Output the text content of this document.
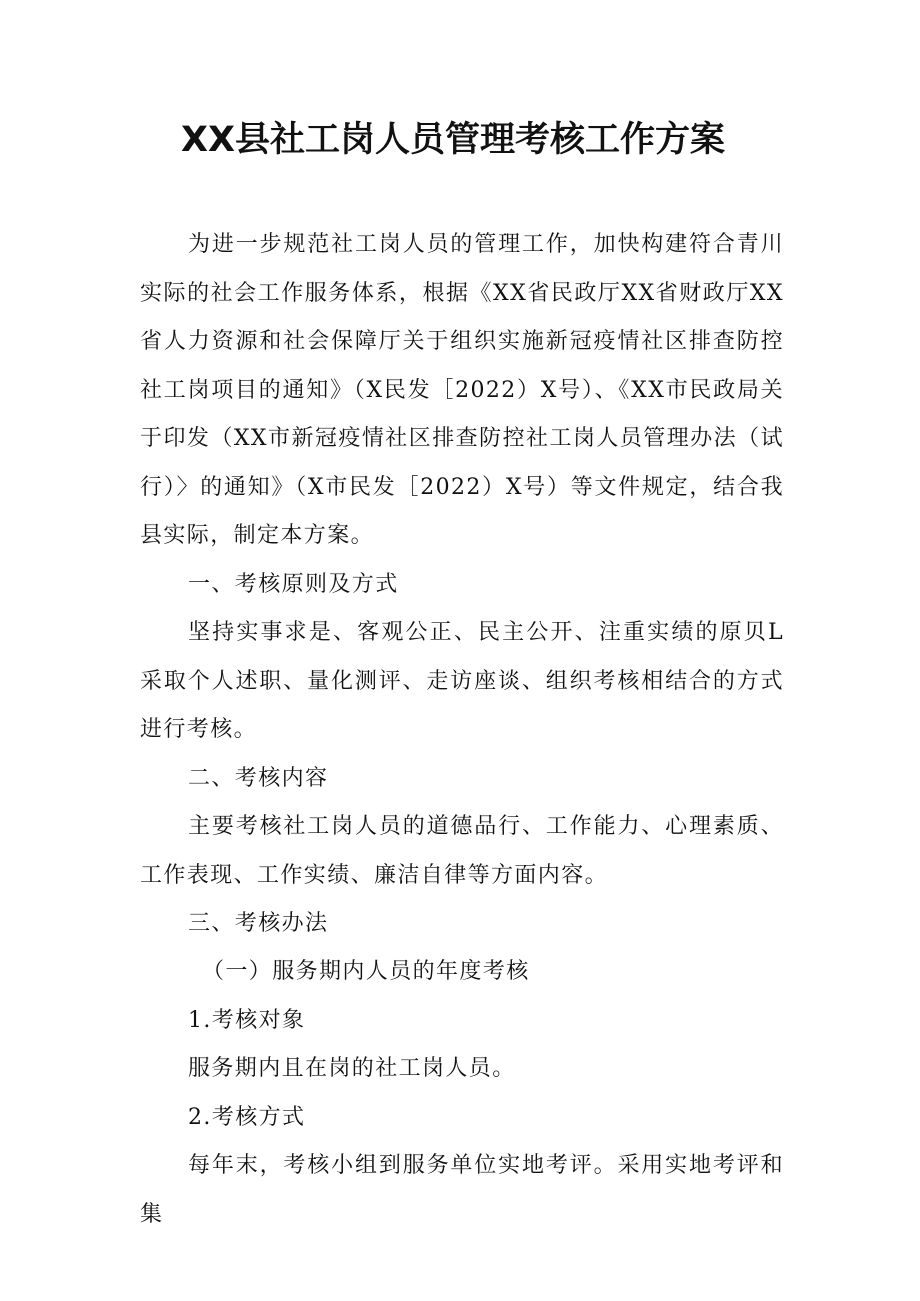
XX县社工岗人员管理考核工作方案

为进一步规范社工岗人员的管理工作，加快构建符合青川实际的社会工作服务体系，根据《XX省民政厅XX省财政厅XX省人力资源和社会保障厅关于组织实施新冠疫情社区排查防控社工岗项目的通知》（X民发［2022）X号）、《XX市民政局关于印发（XX市新冠疫情社区排查防控社工岗人员管理办法（试行）〉的通知》（X市民发［2022）X号）等文件规定，结合我县实际，制定本方案。

一、考核原则及方式

坚持实事求是、客观公正、民主公开、注重实绩的原贝L采取个人述职、量化测评、走访座谈、组织考核相结合的方式进行考核。

二、考核内容

主要考核社工岗人员的道德品行、工作能力、心理素质、工作表现、工作实绩、廉洁自律等方面内容。

三、考核办法

（一）服务期内人员的年度考核

1.考核对象

服务期内且在岗的社工岗人员。

2.考核方式

每年末，考核小组到服务单位实地考评。采用实地考评和集
